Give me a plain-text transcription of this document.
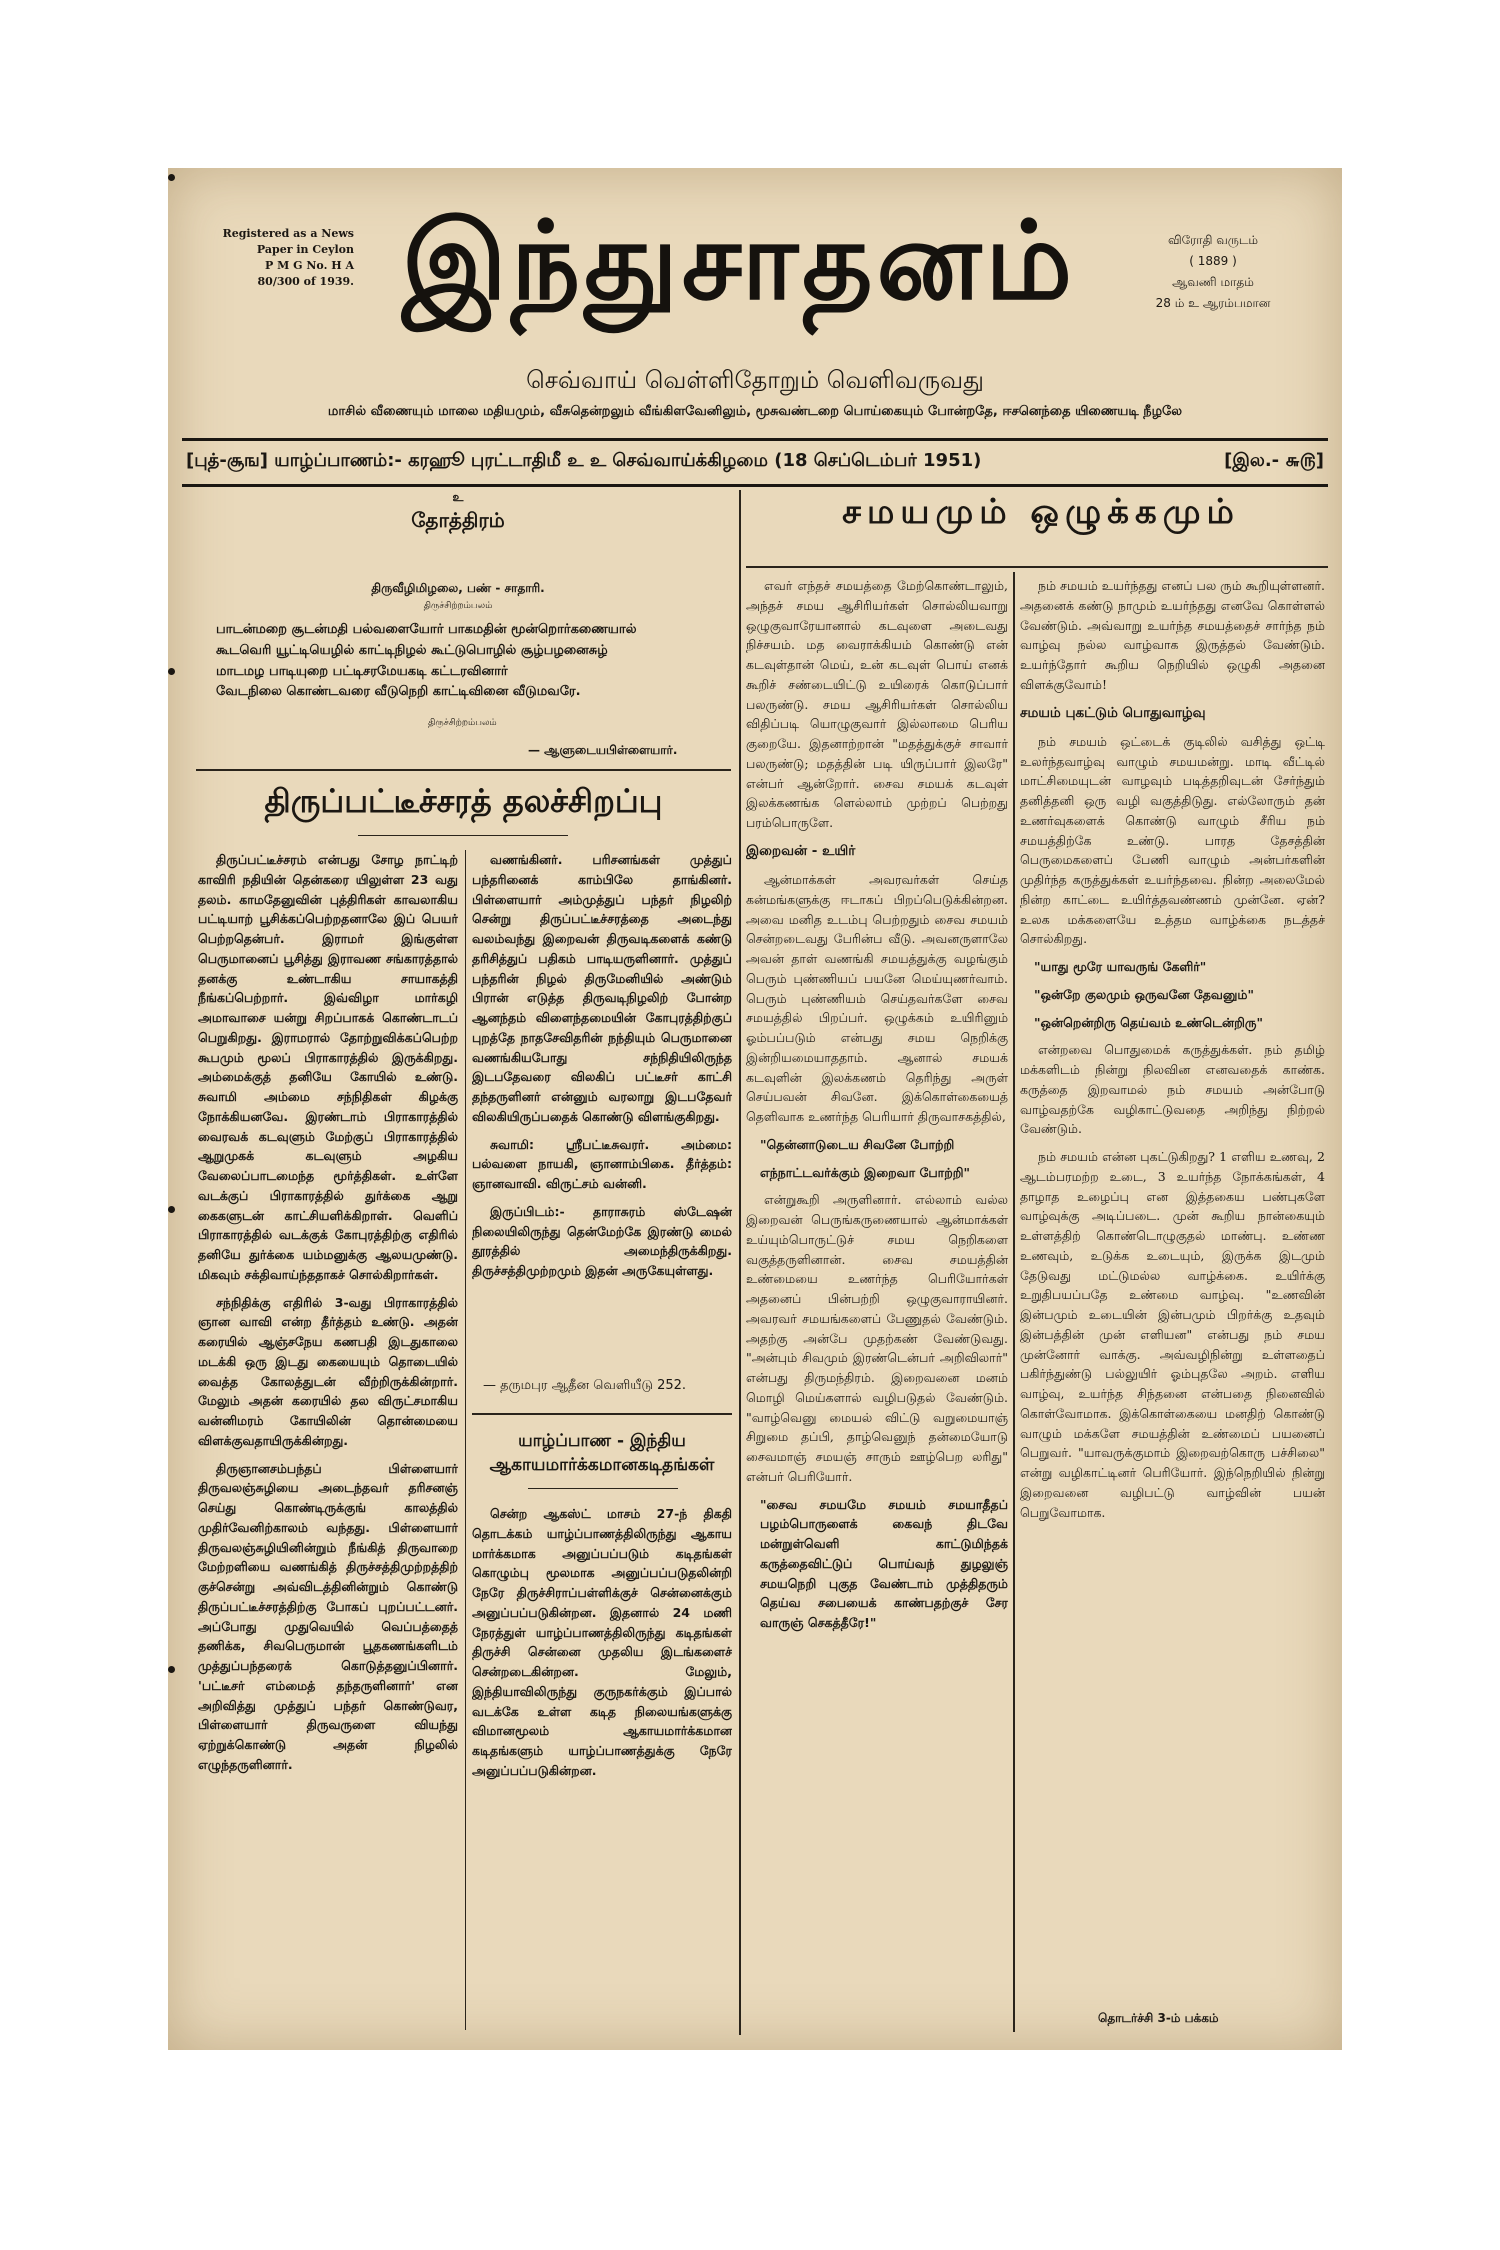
Registered as a News
Paper in Ceylon
P M G No. H A
80/300 of 1939. இந்துசாதனம்	விரோதி வருடம்
( 1889 )
ஆவணி மாதம்
28 ம் உ ஆரம்பமான
செவ்வாய் வெள்ளிதோறும் வெளிவருவது
மாசில் வீணையும் மாலை மதியமும், வீசுதென்றலும் வீங்கிளவேனிலும், மூசுவண்டறை பொய்கையும் போன்றதே, ஈசனெந்தை யிணையடி நீழலே
[புத்-சூங] யாழ்ப்பாணம்:- கரஹூ புரட்டாதிமீ உ உ செவ்வாய்க்கிழமை (18 செப்டெம்பர் 1951)	[இல.- ௬௫]
உ
தோத்திரம்
திருவீழிமிழலை, பண் - சாதாரி.
திருச்சிற்றம்பலம்
பாடன்மறை சூடன்மதி பல்வளையோர் பாகமதின் மூன்றொர்கணையால்
கூடவெரி யூட்டியெழில் காட்டிநிழல் கூட்டுபொழில் சூழ்பழனைசுழ்
மாடமழ பாடியுறை பட்டிசரமேயகடி கட்டரவினார்
வேடநிலை கொண்டவரை வீடுநெறி காட்டிவினை வீடுமவரே.
திருச்சிற்றம்பலம்
— ஆளுடையபிள்ளையார்.
திருப்பட்டீச்சரத் தலச்சிறப்பு

திருப்பட்டீச்சரம் என்பது சோழ நாட்டிற் காவிரி நதியின் தென்கரை யிலுள்ள 23 வது தலம். காமதேனுவின் புத்திரிகள் காவலாகிய பட்டியாற் பூசிக்கப்பெற்றதனாலே இப் பெயர் பெற்றதென்பர். இராமர் இங்குள்ள பெருமானைப் பூசித்து இராவண சங்காரத்தால் தனக்கு உண்டாகிய சாயாகத்தி நீங்கப்பெற்றார். இவ்விழா மார்கழி அமாவாசை யன்று சிறப்பாகக் கொண்டாடப் பெறுகிறது. இராமரால் தோற்றுவிக்கப்பெற்ற கூபமும் மூலப் பிராகாரத்தில் இருக்கிறது. அம்மைக்குத் தனியே கோயில் உண்டு. சுவாமி அம்மை சந்நிதிகள் கிழக்கு நோக்கியனவே. இரண்டாம் பிராகாரத்தில் வைரவக் கடவுளும் மேற்குப் பிராகாரத்தில் ஆறுமுகக் கடவுளும் அழகிய வேலைப்பாடமைந்த மூர்த்திகள். உள்ளே வடக்குப் பிராகாரத்தில் துர்க்கை ஆறு கைகளுடன் காட்சியளிக்கிறாள். வெளிப் பிராகாரத்தில் வடக்குக் கோபுரத்திற்கு எதிரில் தனியே துர்க்கை யம்மனுக்கு ஆலயமுண்டு. மிகவும் சக்திவாய்ந்ததாகச் சொல்கிறார்கள்.

சந்நிதிக்கு எதிரில் 3-வது பிராகாரத்தில் ஞான வாவி என்ற தீர்த்தம் உண்டு. அதன் கரையில் ஆஞ்சநேய கணபதி இடதுகாலை மடக்கி ஒரு இடது கையையும் தொடையில் வைத்த கோலத்துடன் வீற்றிருக்கின்றார். மேலும் அதன் கரையில் தல விருட்சமாகிய வன்னிமரம் கோயிலின் தொன்மையை விளக்குவதாயிருக்கின்றது.

திருஞானசம்பந்தப் பிள்ளையார் திருவலஞ்சுழியை அடைந்தவர் தரிசனஞ் செய்து கொண்டிருக்குங் காலத்தில் முதிர்வேனிற்காலம் வந்தது. பிள்ளையார் திருவலஞ்சுழியினின்றும் நீங்கித் திருவாறை மேற்றளியை வணங்கித் திருச்சத்திமுற்றத்திற் குச்சென்று அவ்விடத்தினின்றும் கொண்டு திருப்பட்டீச்சரத்திற்கு போகப் புறப்பட்டனர். அப்போது முதுவெயில் வெப்பத்தைத் தணிக்க, சிவபெருமான் பூதகணங்களிடம் முத்துப்பந்தரைக் கொடுத்தனுப்பினார். 'பட்டீசர் எம்மைத் தந்தருளினார்' என அறிவித்து முத்துப் பந்தர் கொண்டுவர, பிள்ளையார் திருவருளை வியந்து ஏற்றுக்கொண்டு அதன் நிழலில் எழுந்தருளினார்.

வணங்கினர். பரிசனங்கள் முத்துப் பந்தரினைக் காம்பிலே தாங்கினர். பிள்ளையார் அம்முத்துப் பந்தர் நிழலிற் சென்று திருப்பட்டீச்சரத்தை அடைந்து வலம்வந்து இறைவன் திருவடிகளைக் கண்டு தரிசித்துப் பதிகம் பாடியருளினார். முத்துப் பந்தரின் நிழல் திருமேனியில் அண்டும் பிரான் எடுத்த திருவடிநிழலிற் போன்ற ஆனந்தம் விளைந்தமையின் கோபுரத்திற்குப் புறத்தே நாதசேவிதரின் நந்தியும் பெருமானை வணங்கியபோது சந்நிதியிலிருந்த இடபதேவரை விலகிப் பட்டீசர் காட்சி தந்தருளினர் என்னும் வரலாறு இடபதேவர் விலகியிருப்பதைக் கொண்டு விளங்குகிறது.

சுவாமி: ஸ்ரீபட்டீசுவரர். அம்மை: பல்வளை நாயகி, ஞானாம்பிகை. தீர்த்தம்: ஞானவாவி. விருட்சம் வன்னி.

இருப்பிடம்:- தாராசுரம் ஸ்டேஷன் நிலையிலிருந்து தென்மேற்கே இரண்டு மைல் தூரத்தில் அமைந்திருக்கிறது. திருச்சத்திமுற்றமும் இதன் அருகேயுள்ளது.

— தருமபுர ஆதீன வெளியீடு 252.
யாழ்ப்பாண - இந்திய ஆகாயமார்க்கமானகடிதங்கள்

சென்ற ஆகஸ்ட் மாசம் 27-ந் திகதி தொடக்கம் யாழ்ப்பாணத்திலிருந்து ஆகாய மார்க்கமாக அனுப்பப்படும் கடிதங்கள் கொழும்பு மூலமாக அனுப்பப்படுதலின்றி நேரே திருச்சிராப்பள்ளிக்குச் சென்னைக்கும் அனுப்பப்படுகின்றன. இதனால் 24 மணி நேரத்துள் யாழ்ப்பாணத்திலிருந்து கடிதங்கள் திருச்சி சென்னை முதலிய இடங்களைச் சென்றடைகின்றன. மேலும், இந்தியாவிலிருந்து குருநகர்க்கும் இப்பால் வடக்கே உள்ள கடித நிலையங்களுக்கு விமானமூலம் ஆகாயமார்க்கமான கடிதங்களும் யாழ்ப்பாணத்துக்கு நேரே அனுப்பப்படுகின்றன.

சமயமும் ஒழுக்கமும்

எவர் எந்தச் சமயத்தை மேற்கொண்டாலும், அந்தச் சமய ஆசிரியர்கள் சொல்லியவாறு ஒழுகுவாரேயானால் கடவுளை அடைவது நிச்சயம். மத வைராக்கியம் கொண்டு என் கடவுள்தான் மெய், உன் கடவுள் பொய் எனக் கூறிச் சண்டையிட்டு உயிரைக் கொடுப்பார் பலருண்டு. சமய ஆசிரியர்கள் சொல்லிய விதிப்படி யொழுகுவார் இல்லாமை பெரிய குறையே. இதனாற்றான் "மதத்துக்குச் சாவார் பலருண்டு; மதத்தின் படி யிருப்பார் இலரே" என்பர் ஆன்றோர். சைவ சமயக் கடவுள் இலக்கணங்க ளெல்லாம் முற்றப் பெற்றது பரம்பொருளே.

இறைவன் - உயிர்

ஆன்மாக்கள் அவரவர்கள் செய்த கன்மங்களுக்கு ஈடாகப் பிறப்பெடுக்கின்றன. அவை மனித உடம்பு பெற்றதும் சைவ சமயம் சென்றடைவது பேரின்ப வீடு. அவனருளாலே அவன் தாள் வணங்கி சமயத்துக்கு வழங்கும் பெரும் புண்ணியப் பயனே மெய்யுணர்வாம். பெரும் புண்ணியம் செய்தவர்களே சைவ சமயத்தில் பிறப்பர். ஒழுக்கம் உயிரினும் ஓம்பப்படும் என்பது சமய நெறிக்கு இன்றியமையாததாம். ஆனால் சமயக் கடவுளின் இலக்கணம் தெரிந்து அருள் செய்பவன் சிவனே. இக்கொள்கையைத் தெளிவாக உணர்ந்த பெரியார் திருவாசகத்தில்,

"தென்னாடுடைய சிவனே போற்றி

எந்நாட்டவர்க்கும் இறைவா போற்றி"

என்றுகூறி அருளினார். எல்லாம் வல்ல இறைவன் பெருங்கருணையால் ஆன்மாக்கள் உய்யும்பொருட்டுச் சமய நெறிகளை வகுத்தருளினான். சைவ சமயத்தின் உண்மையை உணர்ந்த பெரியோர்கள் அதனைப் பின்பற்றி ஒழுகுவாராயினர். அவரவர் சமயங்களைப் பேணுதல் வேண்டும். அதற்கு அன்பே முதற்கண் வேண்டுவது. "அன்பும் சிவமும் இரண்டென்பர் அறிவிலார்" என்பது திருமந்திரம். இறைவனை மனம் மொழி மெய்களால் வழிபடுதல் வேண்டும். "வாழ்வெனு மையல் விட்டு வறுமையாஞ் சிறுமை தப்பி, தாழ்வெனுந் தன்மையோடு சைவமாஞ் சமயஞ் சாரும் ஊழ்பெற லரிது" என்பர் பெரியோர்.

"சைவ சமயமே சமயம் சமயாதீதப் பழம்பொருளைக் கைவந் திடவே மன்றுள்வெளி காட்டுமிந்தக் கருத்தைவிட்டுப் பொய்வந் துழலுஞ் சமயநெறி புகுத வேண்டாம் முத்திதரும் தெய்வ சபையைக் காண்பதற்குச் சேர வாருஞ் செகத்தீரே!"

நம் சமயம் உயர்ந்தது எனப் பல ரும் கூறியுள்ளனர். அதனைக் கண்டு நாமும் உயர்ந்தது எனவே கொள்ளல் வேண்டும். அவ்வாறு உயர்ந்த சமயத்தைச் சார்ந்த நம் வாழ்வு நல்ல வாழ்வாக இருத்தல் வேண்டும். உயர்ந்தோர் கூறிய நெறியில் ஒழுகி அதனை விளக்குவோம்!

சமயம் புகட்டும் பொதுவாழ்வு

நம் சமயம் ஒட்டைக் குடிலில் வசித்து ஒட்டி உலர்ந்தவாழ்வு வாழும் சமயமன்று. மாடி வீட்டில் மாட்சிமையுடன் வாழவும் படித்தறிவுடன் சேர்ந்தும் தனித்தனி ஒரு வழி வகுத்திடுது. எல்லோரும் தன் உணர்வுகளைக் கொண்டு வாழும் சீரிய நம் சமயத்திற்கே உண்டு. பாரத தேசத்தின் பெருமைகளைப் பேணி வாழும் அன்பர்களின் முதிர்ந்த கருத்துக்கள் உயர்ந்தவை. நின்ற அலைமேல் நின்ற காட்டை உயிர்த்தவண்ணம் முன்னே. ஏன்? உலக மக்களையே உத்தம வாழ்க்கை நடத்தச் சொல்கிறது.

"யாது மூரே யாவருங் கேளிர்"

"ஒன்றே குலமும் ஒருவனே தேவனும்"

"ஒன்றென்றிரு தெய்வம் உண்டென்றிரு"

என்றவை பொதுமைக் கருத்துக்கள். நம் தமிழ் மக்களிடம் நின்று நிலவின எனவதைக் காண்க. கருத்தை இறவாமல் நம் சமயம் அன்போடு வாழ்வதற்கே வழிகாட்டுவதை அறிந்து நிற்றல் வேண்டும்.

நம் சமயம் என்ன புகட்டுகிறது? 1 எளிய உணவு, 2 ஆடம்பரமற்ற உடை, 3 உயர்ந்த நோக்கங்கள், 4 தாழாத உழைப்பு என இத்தகைய பண்புகளே வாழ்வுக்கு அடிப்படை. முன் கூறிய நான்கையும் உள்ளத்திற் கொண்டொழுகுதல் மாண்பு. உண்ண உணவும், உடுக்க உடையும், இருக்க இடமும் தேடுவது மட்டுமல்ல வாழ்க்கை. உயிர்க்கு உறுதிபயப்பதே உண்மை வாழ்வு. "உணவின் இன்பமும் உடையின் இன்பமும் பிறர்க்கு உதவும் இன்பத்தின் முன் எளியன" என்பது நம் சமய முன்னோர் வாக்கு. அவ்வழிநின்று உள்ளதைப் பகிர்ந்துண்டு பல்லுயிர் ஓம்புதலே அறம். எளிய வாழ்வு, உயர்ந்த சிந்தனை என்பதை நினைவில் கொள்வோமாக. இக்கொள்கையை மனதிற் கொண்டு வாழும் மக்களே சமயத்தின் உண்மைப் பயனைப் பெறுவர். "யாவருக்குமாம் இறைவற்கொரு பச்சிலை" என்று வழிகாட்டினர் பெரியோர். இந்நெறியில் நின்று இறைவனை வழிபட்டு வாழ்வின் பயன் பெறுவோமாக.

தொடர்ச்சி 3-ம் பக்கம்
